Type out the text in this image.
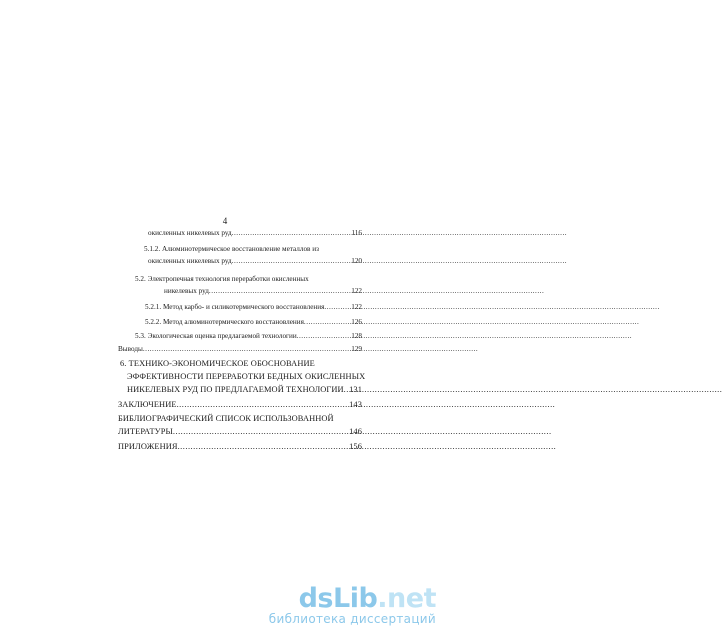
4
окисленных никелевых руд .....	116
5.1.2. Алюминотермическое восстановление металлов из
окисленных никелевых руд .....	120
5.2. Электропечная технология переработки окисленных
никелевых руд .....	122
5.2.1. Метод карбо- и силикотермического восстановления .....	122
5.2.2. Метод алюминотермического восстановления .....	126
5.3. Экологическая оценка предлагаемой технологии .....	128
Выводы .....	129
6. ТЕХНИКО-ЭКОНОМИЧЕСКОЕ ОБОСНОВАНИЕ
ЭФФЕКТИВНОСТИ ПЕРЕРАБОТКИ БЕДНЫХ ОКИСЛЕННЫХ
НИКЕЛЕВЫХ РУД ПО ПРЕДЛАГАЕМОЙ ТЕХНОЛОГИИ ..... 131
ЗАКЛЮЧЕНИЕ .....	143
БИБЛИОГРАФИЧЕСКИЙ СПИСОК ИСПОЛЬЗОВАННОЙ
ЛИТЕРАТУРЫ .....	146
ПРИЛОЖЕНИЯ .....	156
dsLib.net
библиотека диссертаций
